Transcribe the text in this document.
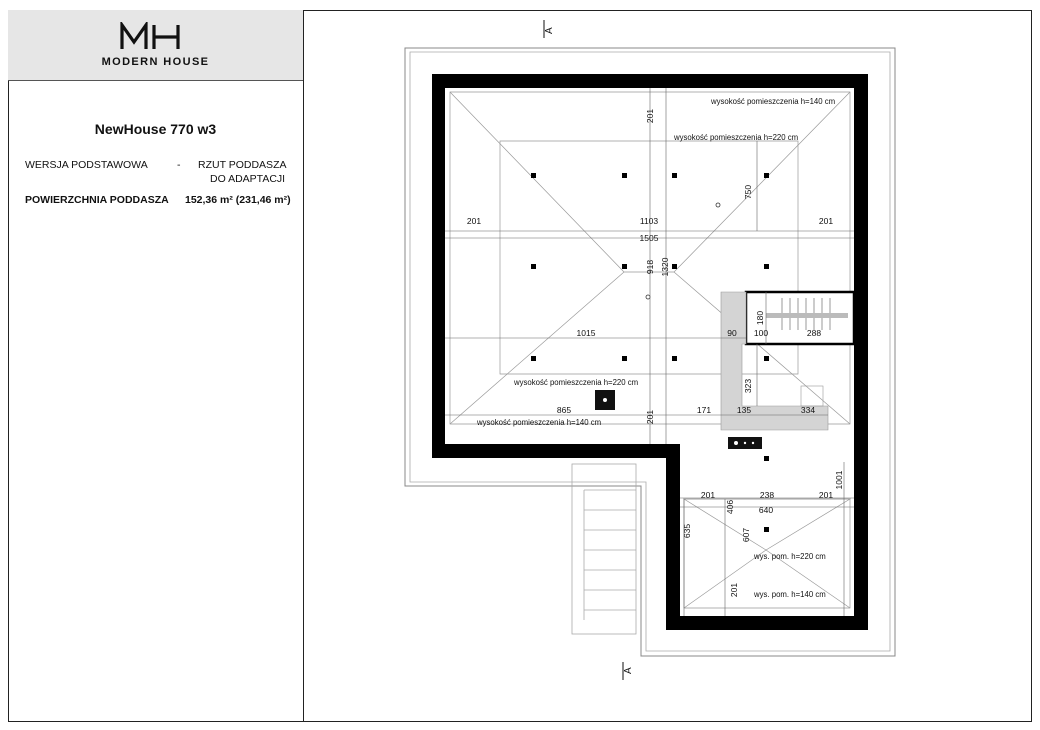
MODERN HOUSE
NewHouse 770 w3
WERSJA PODSTAWOWA	- RZUT PODDASZA
DO ADAPTACJI
POWIERZCHNIA PODDASZA 152,36 m² (231,46 m²)
201	1103	201
1505
750
201
918 1320
1015	90
180
100	288
323
865	201	171	135	334
201	238	201
640
1001
406
607
635
201
wysokość pomieszczenia h=140 cm
wysokość pomieszczenia h=220 cm
wysokość pomieszczenia h=220 cm
wysokość pomieszczenia h=140 cm
wys. pom. h=220 cm
wys. pom. h=140 cm
A
A
